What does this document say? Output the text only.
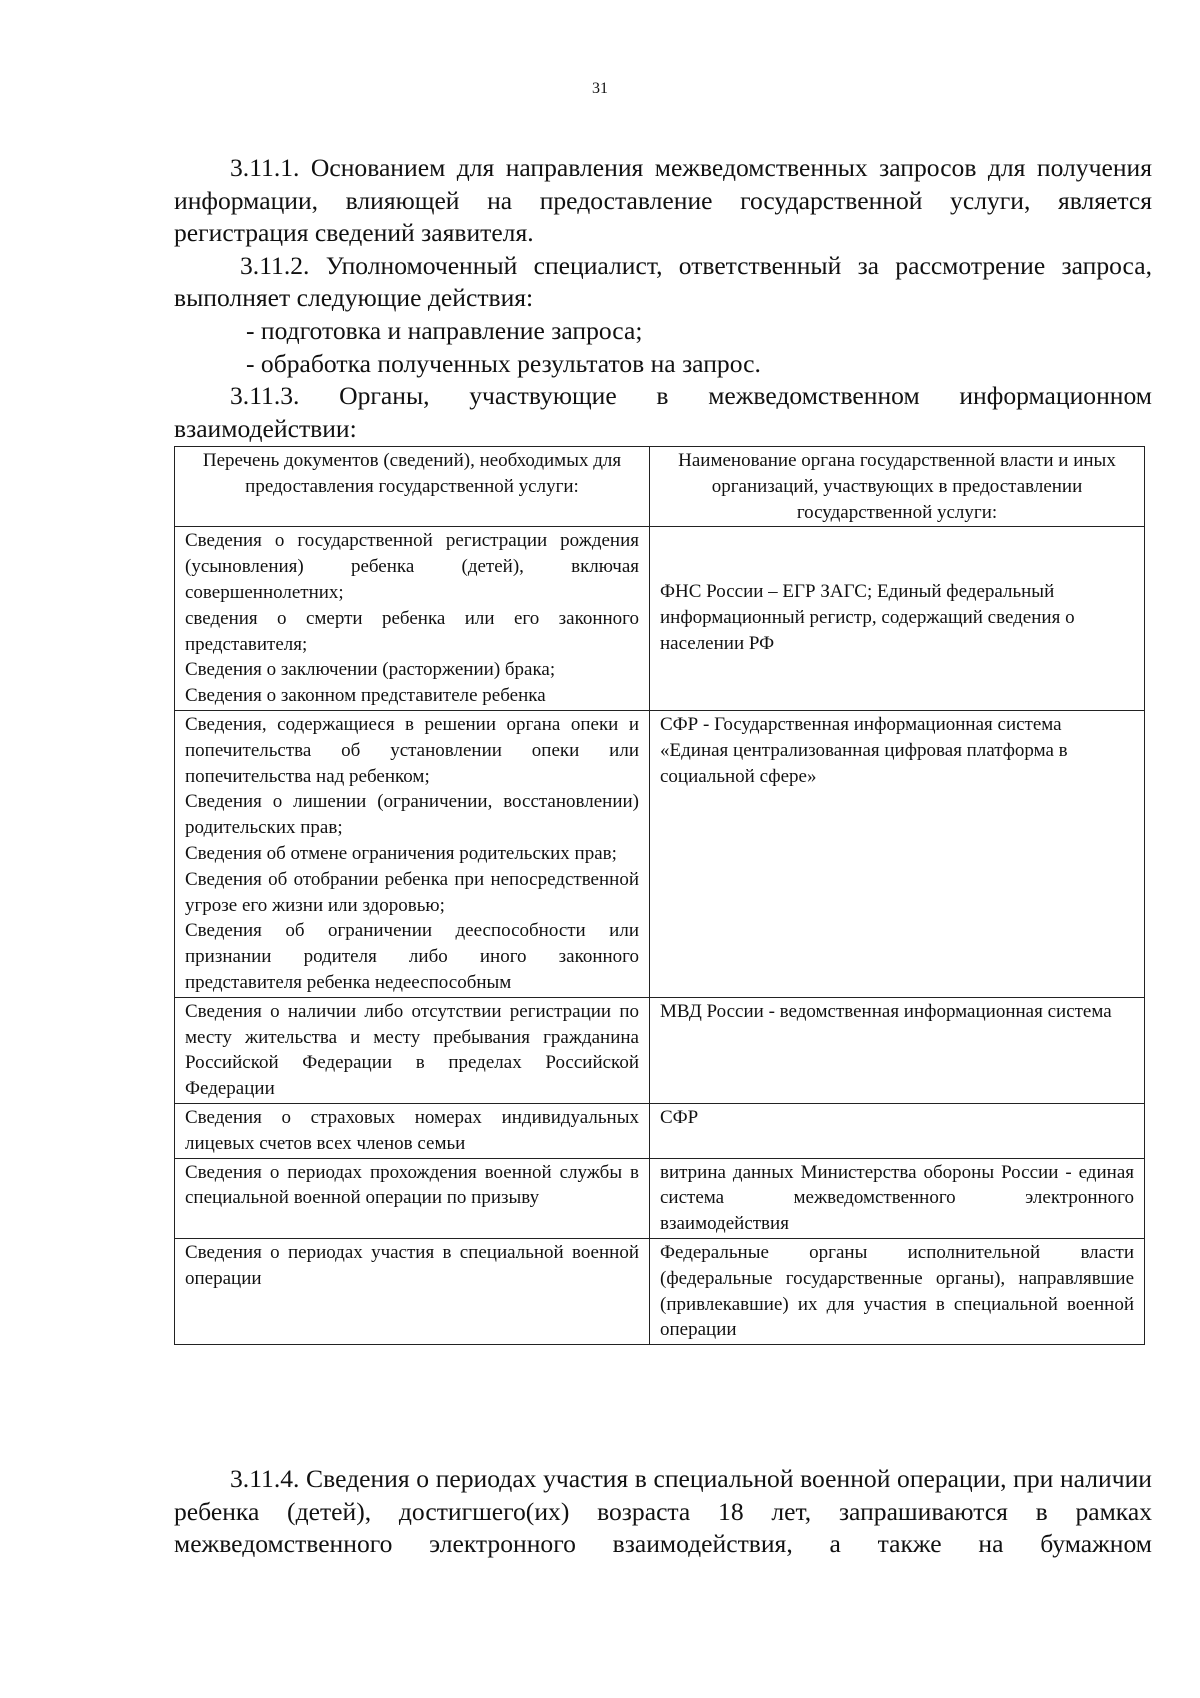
31

3.11.1. Основанием для направления межведомственных запросов для получения информации, влияющей на предоставление государственной услуги, является регистрация сведений заявителя.

3.11.2. Уполномоченный специалист, ответственный за рассмотрение запроса, выполняет следующие действия:

- подготовка и направление запроса;

- обработка полученных результатов на запрос.

3.11.3. Органы, участвующие в межведомственном информационном взаимодействии:

Перечень документов (сведений), необходимых для предоставления государственной услуги:	Наименование органа государственной власти и иных организаций, участвующих в предоставлении государственной услуги:

Сведения о государственной регистрации рождения (усыновления) ребенка (детей), включая совершеннолетних;

сведения о смерти ребенка или его законного представителя;

Сведения о заключении (расторжении) брака;

Сведения о законном представителе ребенка	ФНС России – ЕГР ЗАГС; Единый федеральный информационный регистр, содержащий сведения о населении РФ

Сведения, содержащиеся в решении органа опеки и попечительства об установлении опеки или попечительства над ребенком;

Сведения о лишении (ограничении, восстановлении) родительских прав;

Сведения об отмене ограничения родительских прав;

Сведения об отобрании ребенка при непосредственной угрозе его жизни или здоровью;

Сведения об ограничении дееспособности или признании родителя либо иного законного представителя ребенка недееспособным	СФР - Государственная информационная система «Единая централизованная цифровая платформа в социальной сфере»

Сведения о наличии либо отсутствии регистрации по месту жительства и месту пребывания гражданина Российской Федерации в пределах Российской Федерации	МВД России - ведомственная информационная система

Сведения о страховых номерах индивидуальных лицевых счетов всех членов семьи	СФР

Сведения о периодах прохождения военной службы в специальной военной операции по призыву	витрина данных Министерства обороны России - единая система межведомственного электронного взаимодействия

Сведения о периодах участия в специальной военной операции	Федеральные органы исполнительной власти (федеральные государственные органы), направлявшие (привлекавшие) их для участия в специальной военной операции

3.11.4. Сведения о периодах участия в специальной военной операции, при наличии ребенка (детей), достигшего(их) возраста 18 лет, запрашиваются в рамках межведомственного электронного взаимодействия, а также на бумажном
